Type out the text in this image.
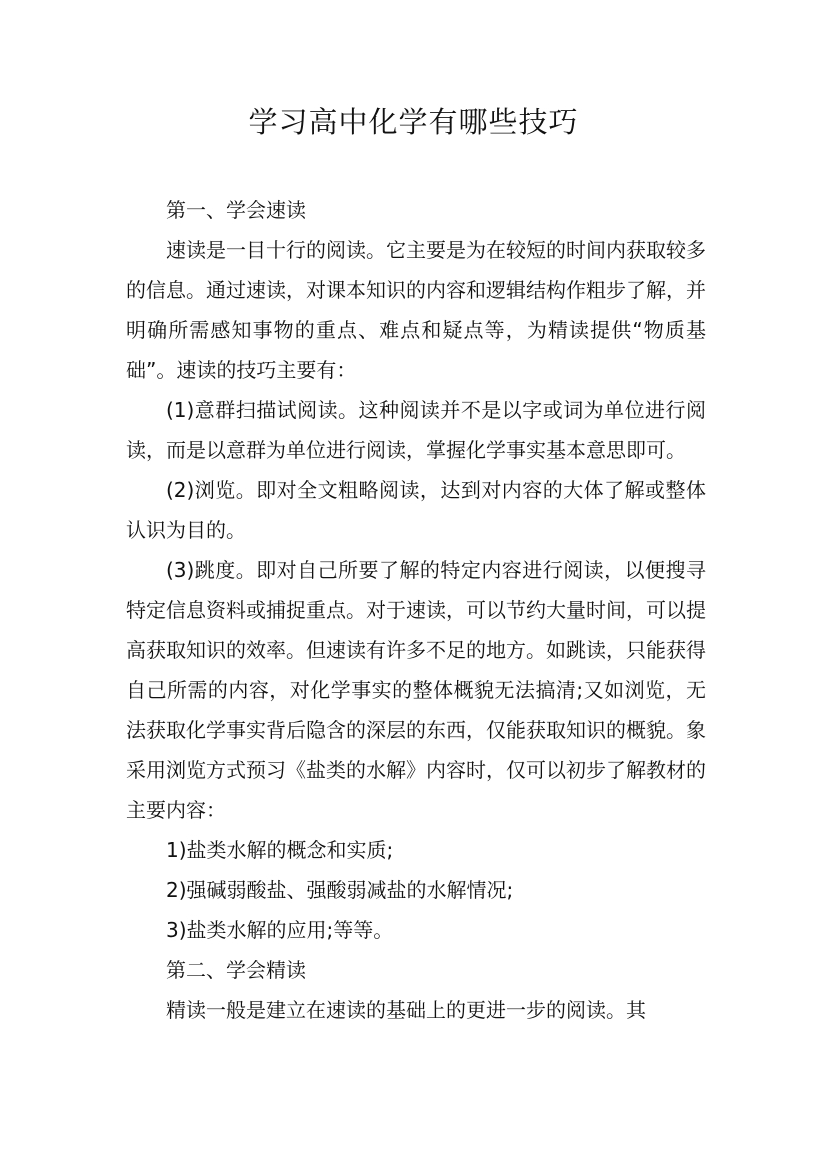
学习高中化学有哪些技巧

第一、学会速读

速读是一目十行的阅读。它主要是为在较短的时间内获取较多的信息。通过速读，对课本知识的内容和逻辑结构作粗步了解，并明确所需感知事物的重点、难点和疑点等，为精读提供“物质基础”。速读的技巧主要有：

(1)意群扫描试阅读。这种阅读并不是以字或词为单位进行阅读，而是以意群为单位进行阅读，掌握化学事实基本意思即可。

(2)浏览。即对全文粗略阅读，达到对内容的大体了解或整体认识为目的。

(3)跳度。即对自己所要了解的特定内容进行阅读，以便搜寻特定信息资料或捕捉重点。对于速读，可以节约大量时间，可以提高获取知识的效率。但速读有许多不足的地方。如跳读，只能获得自己所需的内容，对化学事实的整体概貌无法搞清;又如浏览，无法获取化学事实背后隐含的深层的东西，仅能获取知识的概貌。象采用浏览方式预习《盐类的水解》内容时，仅可以初步了解教材的主要内容：

1)盐类水解的概念和实质;

2)强碱弱酸盐、强酸弱减盐的水解情况;

3)盐类水解的应用;等等。

第二、学会精读

精读一般是建立在速读的基础上的更进一步的阅读。其
